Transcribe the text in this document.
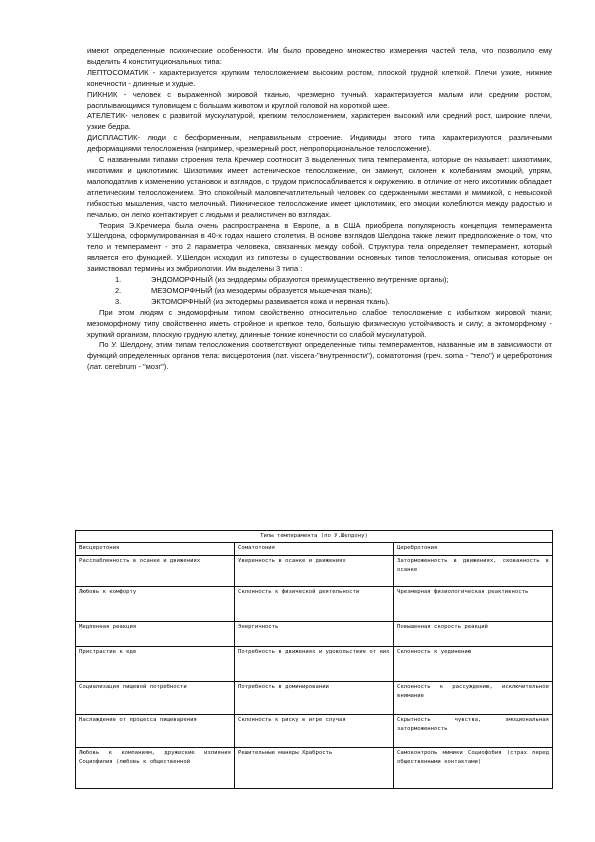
имеют определенные психические особенности. Им было проведено множество измерения частей тела, что позволило ему выделить 4 конституциональных типа:

ЛЕПТОСОМАТИК - характеризуется хрупким телосложением высоким ростом, плоской грудной клеткой. Плечи узкие, нижние конечности - длинные и худые.

ПИКНИК - человек с выраженной жировой тканью, чрезмерно тучный. характеризуется малым или средним ростом, расплывающимся туловищем с большим животом и круглой головой на короткой шее.

АТЕЛЕТИК- человек с развитой мускулатурой, крепким телосложением, характерен высокий или средний рост, широкие плечи, узкие бедра.

ДИСПЛАСТИК- люди с бесформенным, неправильным строение. Индивиды этого типа характеризуются различными деформациями телосложения (например, чрезмерный рост, непропорциональное телосложение).

С названными типами строения тела Кречмер соотносит 3 выделенных типа темперамента, которые он называет: шизотимик, иксотимик и циклотимик. Шизотимик имеет астеническое телосложение, он замкнут, склонен к колебаниям эмоций, упрям, малоподатлив к изменению установок и взглядов, с трудом приспосабливается к окружению. в отличие от него иксотимик обладает атлетическим телосложением. Это спокойный маловпечатлительный человек со сдержанными жестами и мимикой, с невысокой гибкостью мышления, часто мелочный. Пикническое телосложение имеет циклотимик, его эмоции колеблются между радостью и печалью, он легко контактирует с людьми и реалистичен во взглядах.

Теория Э.Кречмера была очень распространена в Европе, а в США приобрела популярность концепция темперамента У.Шелдона, сформулированная в 40-х годах нашего столетия. В основе взглядов Шелдона также лежит предположение о том, что тело и темперамент - это 2 параметра человека, связанных между собой. Структура тела определяет темперамент, который является его функцией. У.Шелдон исходил из гипотезы о существовании основных типов телосложения, описывая которые он заимствовал термины из эмбриологии. Им выделены 3 типа :

1.	ЭНДОМОРФНЫЙ (из эндодермы образуются преимущественно внутренние органы);
2.	МЕЗОМОРФНЫЙ (из мезодермы образуется мышечная ткань);
3.	ЭКТОМОРФНЫЙ (из эктодермы развивается кожа и нервная ткань).

При этом людям с эндоморфным типом свойственно относительно слабое телосложение с избытком жировой ткани; мезоморфному типу свойственно иметь стройное и крепкое тело, большую физическую устойчивость и силу; а эктоморфному - хрупкий организм, плоскую грудную клетку, длинные тонкие конечности со слабой мускулатурой.

По У. Шелдону, этим типам телосложения соответствуют определенные типы темпераментов, названные им в зависимости от функций определенных органов тела: висцеротония (лат. viscera-"внутренности"), соматотония (греч. soma - "тело") и церебротония (лат. cerebrum - "мозг").

Типы темперамента (по У.Шелдону)		
Висцеротония	Соматотония	Церебротония
Расслабленность в осанке и движениях	Уверенность в осанке и движениях	Заторможенность в движениях, скованность в осанке
Любовь к комфорту	Склонность к физической деятельности	Чрезмерная физиологическая реактивность
Медленная реакция	Энергичность	Повышенная скорость реакций
Пристрастие к еде	Потребность в движениях и удовольствие от них	Склонность к уединению
Социализация пищевой потребности	Потребность в доминировании	Склонность к рассуждению, исключительное внимание
Наслаждение от процесса пищеварения	Склонность к риску в игре случая	Скрытность чувства, эмоциональная заторможенность
Любовь к компаниям, дружеские излияния Социофилия (любовь к общественной	Решительные манеры Храбрость	Самоконтроль мимики Социофобия (страх перед общественными контактами)
